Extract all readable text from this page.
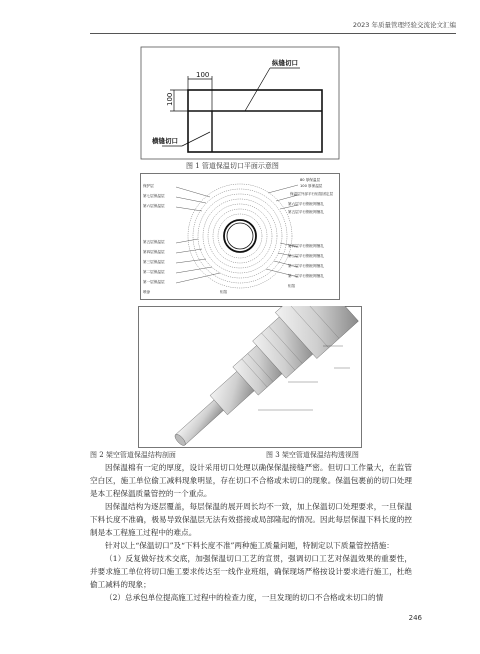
2023 年质量管理经验交流论文汇编
100
100
纵缝切口
横缝切口
图 1 管道保温切口平面示意图
保护层
第七层保温层
第六层保温层
第五层保温层
第四层保温层
第三层保温层
第二层保温层
第一层保温层
铝箔
喷涂
80 厚保温层
100 厚保温层
保温层外部平行铝箔固定层
第六层平行钢丝网捆扎
第五层平行钢丝网捆扎
第四层平行钢丝网捆扎
第三层平行钢丝网捆扎
第二层平行钢丝网捆扎
第一层平行钢丝网捆扎
铝箔
图 2 架空管道保温结构剖面	图 3 架空管道保温结构透视图

因保温棉有一定的厚度，设计采用切口处理以确保保温接缝严密。但切口工作量大，在监管空白区，施工单位偷工减料现象明显，存在切口不合格或未切口的现象。保温包裹前的切口处理是本工程保温质量管控的一个重点。

因保温结构为逐层覆盖，每层保温的展开周长均不一致，加上保温切口处理要求，一旦保温下料长度不准确，极易导致保温层无法有效搭接或局部隆起的情况。因此每层保温下料长度的控制是本工程施工过程中的难点。

针对以上“保温切口”及“下料长度不准”两种施工质量问题，特制定以下质量管控措施：

（1）反复做好技术交底，加强保温切口工艺的宣贯，强调切口工艺对保温效果的重要性，并要求施工单位将切口施工要求传达至一线作业班组，确保现场严格按设计要求进行施工，杜绝偷工减料的现象；

（2）总承包单位提高施工过程中的检查力度，一旦发现的切口不合格或未切口的情

246
